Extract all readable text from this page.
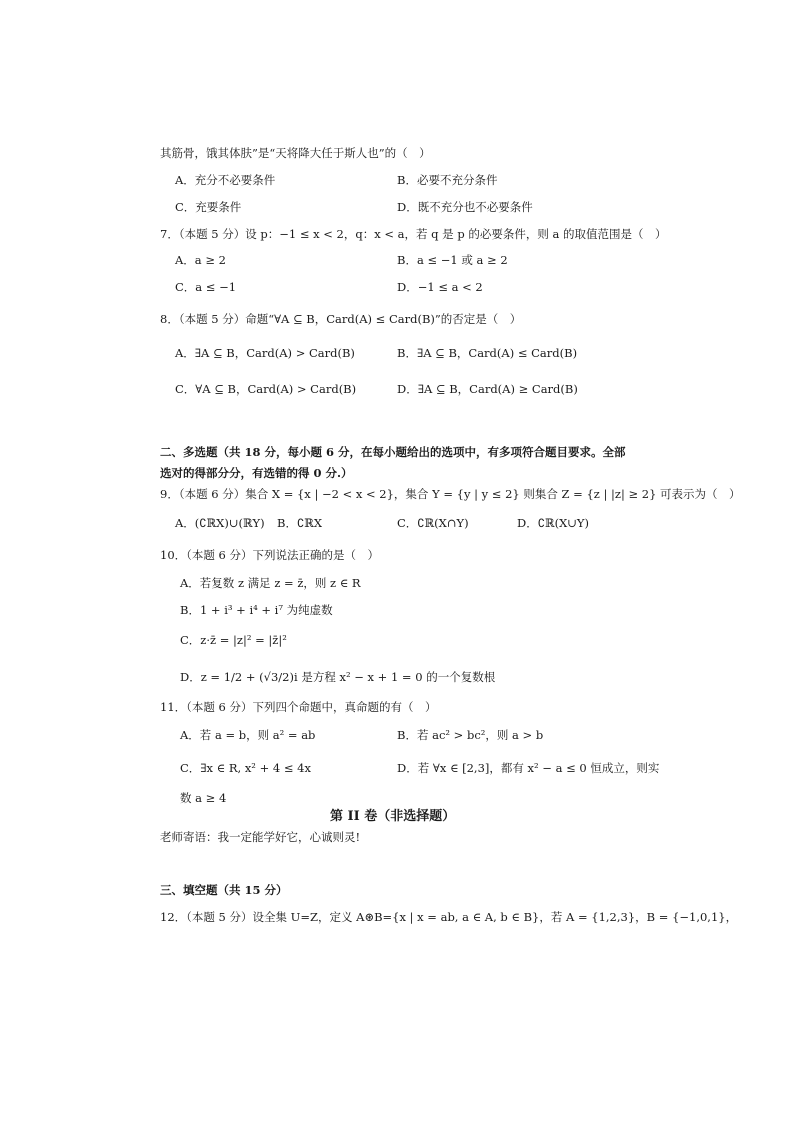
其筋骨，饿其体肤”是“天将降大任于斯人也”的（　）
A．充分不必要条件	B．必要不充分条件
C．充要条件	D．既不充分也不必要条件
7．（本题 5 分）设 p：−1 ≤ x < 2，q：x < a，若 q 是 p 的必要条件，则 a 的取值范围是（　）
A．a ≥ 2	B．a ≤ −1 或 a ≥ 2
C．a ≤ −1	D．−1 ≤ a < 2
8．（本题 5 分）命题“∀A ⊆ B，Card(A) ≤ Card(B)”的否定是（　）
A．∃A ⊆ B，Card(A) > Card(B)	B．∃A ⊆ B，Card(A) ≤ Card(B)
C．∀A ⊆ B，Card(A) > Card(B)	D．∃A ⊆ B，Card(A) ≥ Card(B)
二、多选题（共 18 分，每小题 6 分，在每小题给出的选项中，有多项符合题目要求。全部
选对的得部分分，有选错的得 0 分.）
9．（本题 6 分）集合 X = {x | −2 < x < 2}，集合 Y = {y | y ≤ 2} 则集合 Z = {z | |z| ≥ 2} 可表示为（　）
A．(∁ℝX)∪(ℝY) B．∁ℝX	C．∁ℝ(X∩Y)	D．∁ℝ(X∪Y)
10．（本题 6 分）下列说法正确的是（　）
A．若复数 z 满足 z = z̄，则 z ∈ R
B．1 + i³ + i⁴ + i⁷ 为纯虚数
C．z·z̄ = |z|² = |z̄|²
D．z = 1/2 + (√3/2)i 是方程 x² − x + 1 = 0 的一个复数根
11．（本题 6 分）下列四个命题中，真命题的有（　）
A．若 a = b，则 a² = ab	B．若 ac² > bc²，则 a > b
C．∃x ∈ R, x² + 4 ≤ 4x	D．若 ∀x ∈ [2,3]，都有 x² − a ≤ 0 恒成立，则实
数 a ≥ 4
第 II 卷（非选择题）
老师寄语：我一定能学好它，心诚则灵!
三、填空题（共 15 分）
12．（本题 5 分）设全集 U=Z，定义 A⊛B={x | x = ab, a ∈ A, b ∈ B}，若 A = {1,2,3}，B = {−1,0,1}，
